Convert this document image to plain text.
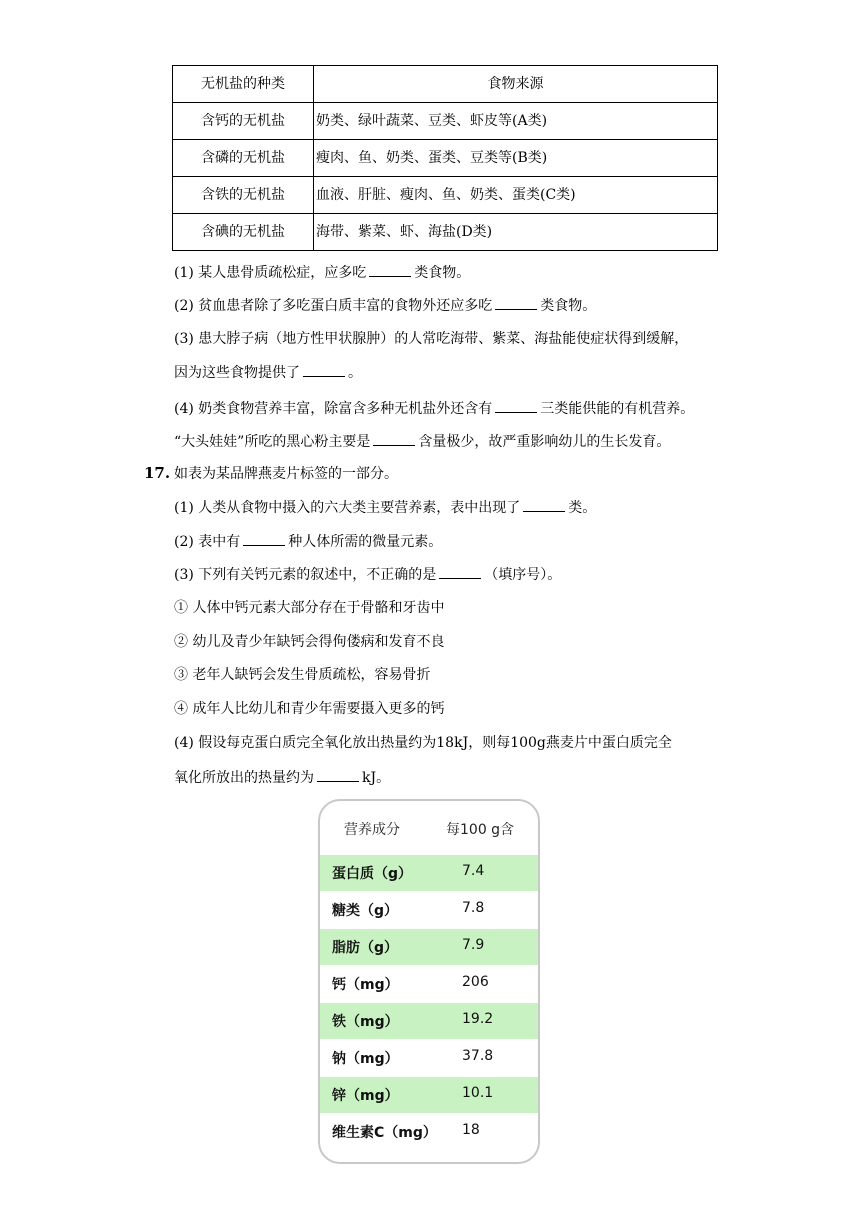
无机盐的种类	食物来源
含钙的无机盐	奶类、绿叶蔬菜、豆类、虾皮等(A类)
含磷的无机盐	瘦肉、鱼、奶类、蛋类、豆类等(B类)
含铁的无机盐	血液、肝脏、瘦肉、鱼、奶类、蛋类(C类)
含碘的无机盐	海带、紫菜、虾、海盐(D类)
(1) 某人患骨质疏松症，应多吃	类食物。
(2) 贫血患者除了多吃蛋白质丰富的食物外还应多吃	类食物。
(3) 患大脖子病（地方性甲状腺肿）的人常吃海带、紫菜、海盐能使症状得到缓解，
因为这些食物提供了	。
(4) 奶类食物营养丰富，除富含多种无机盐外还含有	三类能供能的有机营养。
“大头娃娃”所吃的黑心粉主要是	含量极少，故严重影响幼儿的生长发育。
17. 如表为某品牌燕麦片标签的一部分。
(1) 人类从食物中摄入的六大类主要营养素，表中出现了	类。
(2) 表中有	种人体所需的微量元素。
(3) 下列有关钙元素的叙述中，不正确的是	（填序号）。
① 人体中钙元素大部分存在于骨骼和牙齿中
② 幼儿及青少年缺钙会得佝偻病和发育不良
③ 老年人缺钙会发生骨质疏松，容易骨折
④ 成年人比幼儿和青少年需要摄入更多的钙
(4) 假设每克蛋白质完全氧化放出热量约为18kJ，则每100g燕麦片中蛋白质完全
氧化所放出的热量约为	kJ。
营养成分	每100 g含
蛋白质（g）	7.4
糖类（g）	7.8
脂肪（g）	7.9
钙（mg）	206
铁（mg）	19.2
钠（mg）	37.8
锌（mg）	10.1
维生素C（mg） 18
